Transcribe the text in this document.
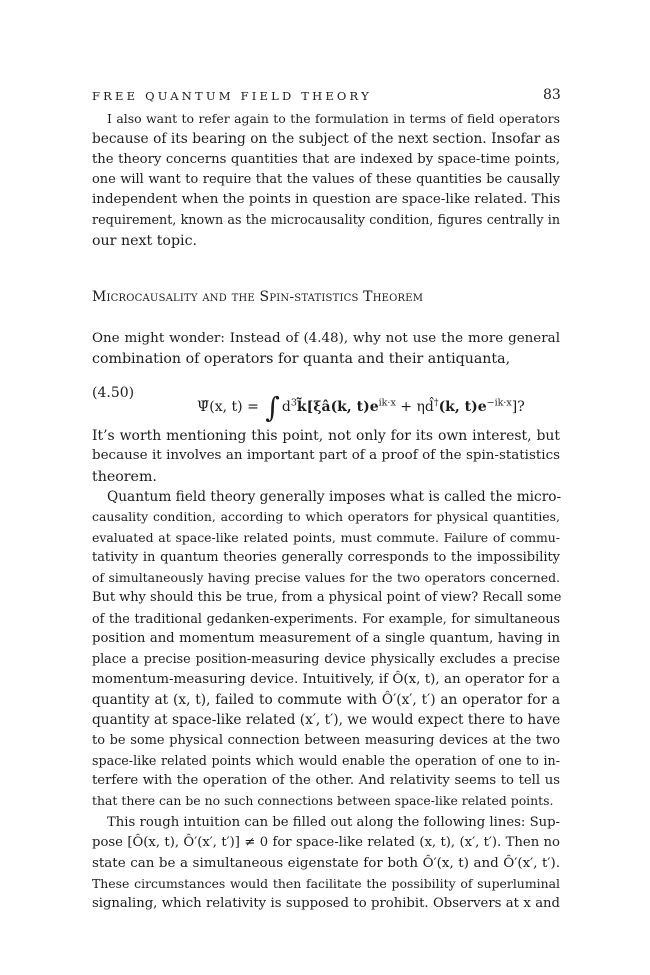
FREE QUANTUM FIELD THEORY	83
I also want to refer again to the formulation in terms of field operators
because of its bearing on the subject of the next section. Insofar as
the theory concerns quantities that are indexed by space-time points,
one will want to require that the values of these quantities be causally
independent when the points in question are space-like related. This
requirement, known as the microcausality condition, figures centrally in
our next topic.
Microcausality and the Spin-statistics Theorem
One might wonder: Instead of (4.48), why not use the more general
combination of operators for quanta and their antiquanta,
(4.50)
Ψ̂(x, t) = ∫ $d^3k̃[\xi â(k$, $t)e^{ik\cdot x}$ + ηd̂†(k, $t)e^{-ik\cdot x}$]?
It’s worth mentioning this point, not only for its own interest, but
because it involves an important part of a proof of the spin-statistics
theorem.
Quantum field theory generally imposes what is called the micro-
causality condition, according to which operators for physical quantities,
evaluated at space-like related points, must commute. Failure of commu-
tativity in quantum theories generally corresponds to the impossibility
of simultaneously having precise values for the two operators concerned.
But why should this be true, from a physical point of view? Recall some
of the traditional gedanken-experiments. For example, for simultaneous
position and momentum measurement of a single quantum, having in
place a precise position-measuring device physically excludes a precise
momentum-measuring device. Intuitively, if Ô(x, t), an operator for a
quantity at (x, t), failed to commute with Ô′(x′, t′) an operator for a
quantity at space-like related (x′, t′), we would expect there to have
to be some physical connection between measuring devices at the two
space-like related points which would enable the operation of one to in-
terfere with the operation of the other. And relativity seems to tell us
that there can be no such connections between space-like related points.
This rough intuition can be filled out along the following lines: Sup-
pose [Ô(x, t), Ô′(x′, t′)] ≠ 0 for space-like related (x, t), (x′, t′). Then no
state can be a simultaneous eigenstate for both Ô′(x, t) and Ô′(x′, t′).
These circumstances would then facilitate the possibility of superluminal
signaling, which relativity is supposed to prohibit. Observers at x and
